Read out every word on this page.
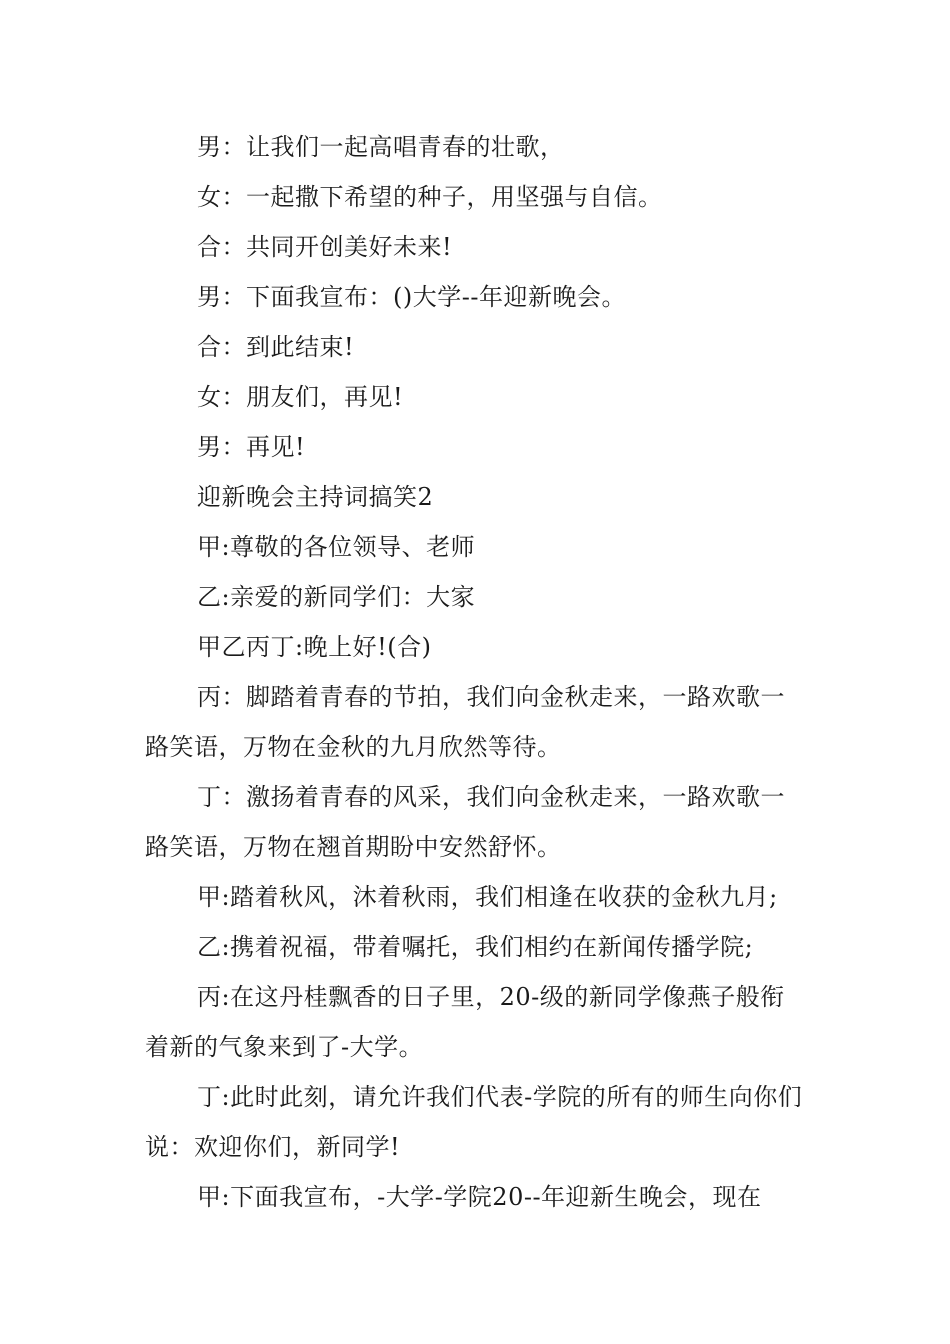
男：让我们一起高唱青春的壮歌，

女：一起撒下希望的种子，用坚强与自信。

合：共同开创美好未来!

男：下面我宣布：()大学--年迎新晚会。

合：到此结束!

女：朋友们，再见!

男：再见!

迎新晚会主持词搞笑2

甲:尊敬的各位领导、老师

乙:亲爱的新同学们：大家

甲乙丙丁:晚上好!(合)

丙：脚踏着青春的节拍，我们向金秋走来，一路欢歌一路笑语，万物在金秋的九月欣然等待。

丁：激扬着青春的风采，我们向金秋走来，一路欢歌一路笑语，万物在翘首期盼中安然舒怀。

甲:踏着秋风，沐着秋雨，我们相逢在收获的金秋九月;

乙:携着祝福，带着嘱托，我们相约在新闻传播学院;

丙:在这丹桂飘香的日子里，20-级的新同学像燕子般衔着新的气象来到了-大学。

丁:此时此刻，请允许我们代表-学院的所有的师生向你们说：欢迎你们，新同学!

甲:下面我宣布，-大学-学院20--年迎新生晚会，现在
